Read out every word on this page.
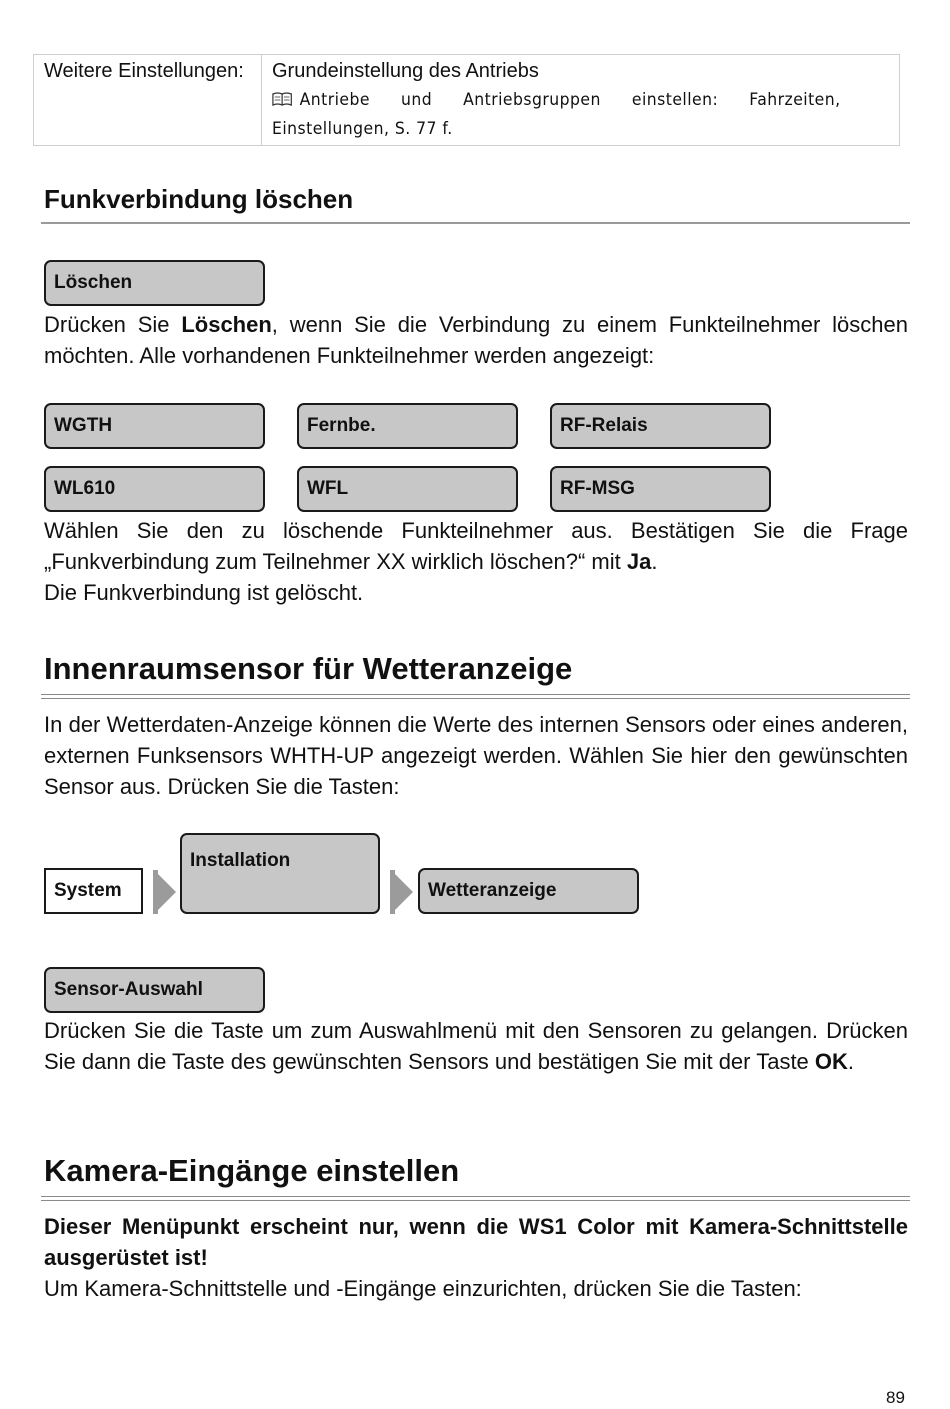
Weitere Einstellungen:	Grundeinstellung des Antriebs
Antriebe und Antriebsgruppen einstellen: Fahrzeiten, Einstellungen, S. 77 f.
Funkverbindung löschen
Löschen
Drücken Sie Löschen, wenn Sie die Verbindung zu einem Funkteilnehmer löschen möchten. Alle vorhandenen Funkteilnehmer werden angezeigt:
WGTH	Fernbe.	RF-Relais
WL610	WFL	RF-MSG
Wählen Sie den zu löschende Funkteilnehmer aus. Bestätigen Sie die Frage „Funkverbindung zum Teilnehmer XX wirklich löschen?“ mit Ja.
Die Funkverbindung ist gelöscht.
Innenraumsensor für Wetteranzeige
In der Wetterdaten-Anzeige können die Werte des internen Sensors oder eines anderen, externen Funksensors WHTH-UP angezeigt werden. Wählen Sie hier den gewünschten Sensor aus. Drücken Sie die Tasten:
System
Installation
Wetteranzeige
Sensor-Auswahl
Drücken Sie die Taste um zum Auswahlmenü mit den Sensoren zu gelangen. Drücken Sie dann die Taste des gewünschten Sensors und bestätigen Sie mit der Taste OK.
Kamera-Eingänge einstellen
Dieser Menüpunkt erscheint nur, wenn die WS1 Color mit Kamera-Schnittstelle ausgerüstet ist!
Um Kamera-Schnittstelle und -Eingänge einzurichten, drücken Sie die Tasten:
89
